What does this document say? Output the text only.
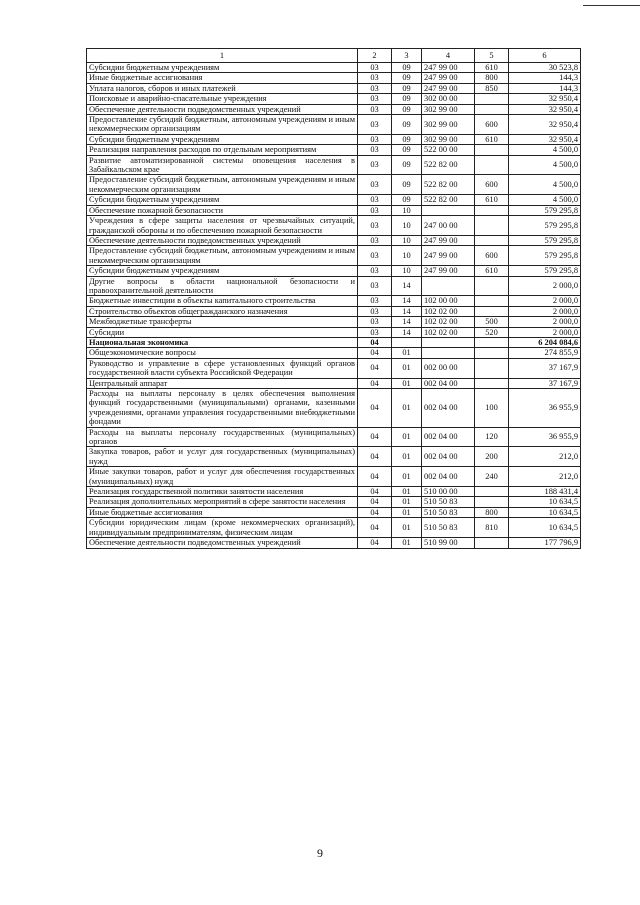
1	2	3	4	5	6
Субсидии бюджетным учреждениям	03	09	247 99 00	610	30 523,8
Иные бюджетные ассигнования	03	09	247 99 00	800	144,3
Уплата налогов, сборов и иных платежей	03	09	247 99 00	850	144,3
Поисковые и аварийно-спасательные учреждения	03	09	302 00 00		32 950,4
Обеспечение деятельности подведомственных учреждений	03	09	302 99 00		32 950,4
Предоставление субсидий бюджетным, автономным учреждениям и иным некоммерческим организациям	03	09	302 99 00	600	32 950,4
Субсидии бюджетным учреждениям	03	09	302 99 00	610	32 950,4
Реализация направления расходов по отдельным мероприятиям	03	09	522 00 00		4 500,0
Развитие автоматизированной системы оповещения населения в Забайкальском крае	03	09	522 82 00		4 500,0
Предоставление субсидий бюджетным, автономным учреждениям и иным некоммерческим организациям	03	09	522 82 00	600	4 500,0
Субсидии бюджетным учреждениям	03	09	522 82 00	610	4 500,0
Обеспечение пожарной безопасности	03	10			579 295,8
Учреждения в сфере защиты населения от чрезвычайных ситуаций, гражданской обороны и по обеспечению пожарной безопасности	03	10	247 00 00		579 295,8
Обеспечение деятельности подведомственных учреждений	03	10	247 99 00		579 295,8
Предоставление субсидий бюджетным, автономным учреждениям и иным некоммерческим организациям	03	10	247 99 00	600	579 295,8
Субсидии бюджетным учреждениям	03	10	247 99 00	610	579 295,8
Другие вопросы в области национальной безопасности и правоохранительной деятельности	03	14			2 000,0
Бюджетные инвестиции в объекты капитального строительства	03	14	102 00 00		2 000,0
Строительство объектов общегражданского назначения	03	14	102 02 00		2 000,0
Межбюджетные трансферты	03	14	102 02 00	500	2 000,0
Субсидии	03	14	102 02 00	520	2 000,0
Национальная экономика	04				6 204 084,6
Общеэкономические вопросы	04	01			274 855,9
Руководство и управление в сфере установленных функций органов государственной власти субъекта Российской Федерации	04	01	002 00 00		37 167,9
Центральный аппарат	04	01	002 04 00		37 167,9
Расходы на выплаты персоналу в целях обеспечения выполнения функций государственными (муниципальными) органами, казенными учреждениями, органами управления государственными внебюджетными фондами	04	01	002 04 00	100	36 955,9
Расходы на выплаты персоналу государственных (муниципальных) органов	04	01	002 04 00	120	36 955,9
Закупка товаров, работ и услуг для государственных (муниципальных) нужд	04	01	002 04 00	200	212,0
Иные закупки товаров, работ и услуг для обеспечения государственных (муниципальных) нужд	04	01	002 04 00	240	212,0
Реализация государственной политики занятости населения	04	01	510 00 00		188 431,4
Реализация дополнительных мероприятий в сфере занятости населения	04	01	510 50 83		10 634,5
Иные бюджетные ассигнования	04	01	510 50 83	800	10 634,5
Субсидии юридическим лицам (кроме некоммерческих организаций), индивидуальным предпринимателям, физическим лицам	04	01	510 50 83	810	10 634,5
Обеспечение деятельности подведомственных учреждений	04	01	510 99 00		177 796,9
9
